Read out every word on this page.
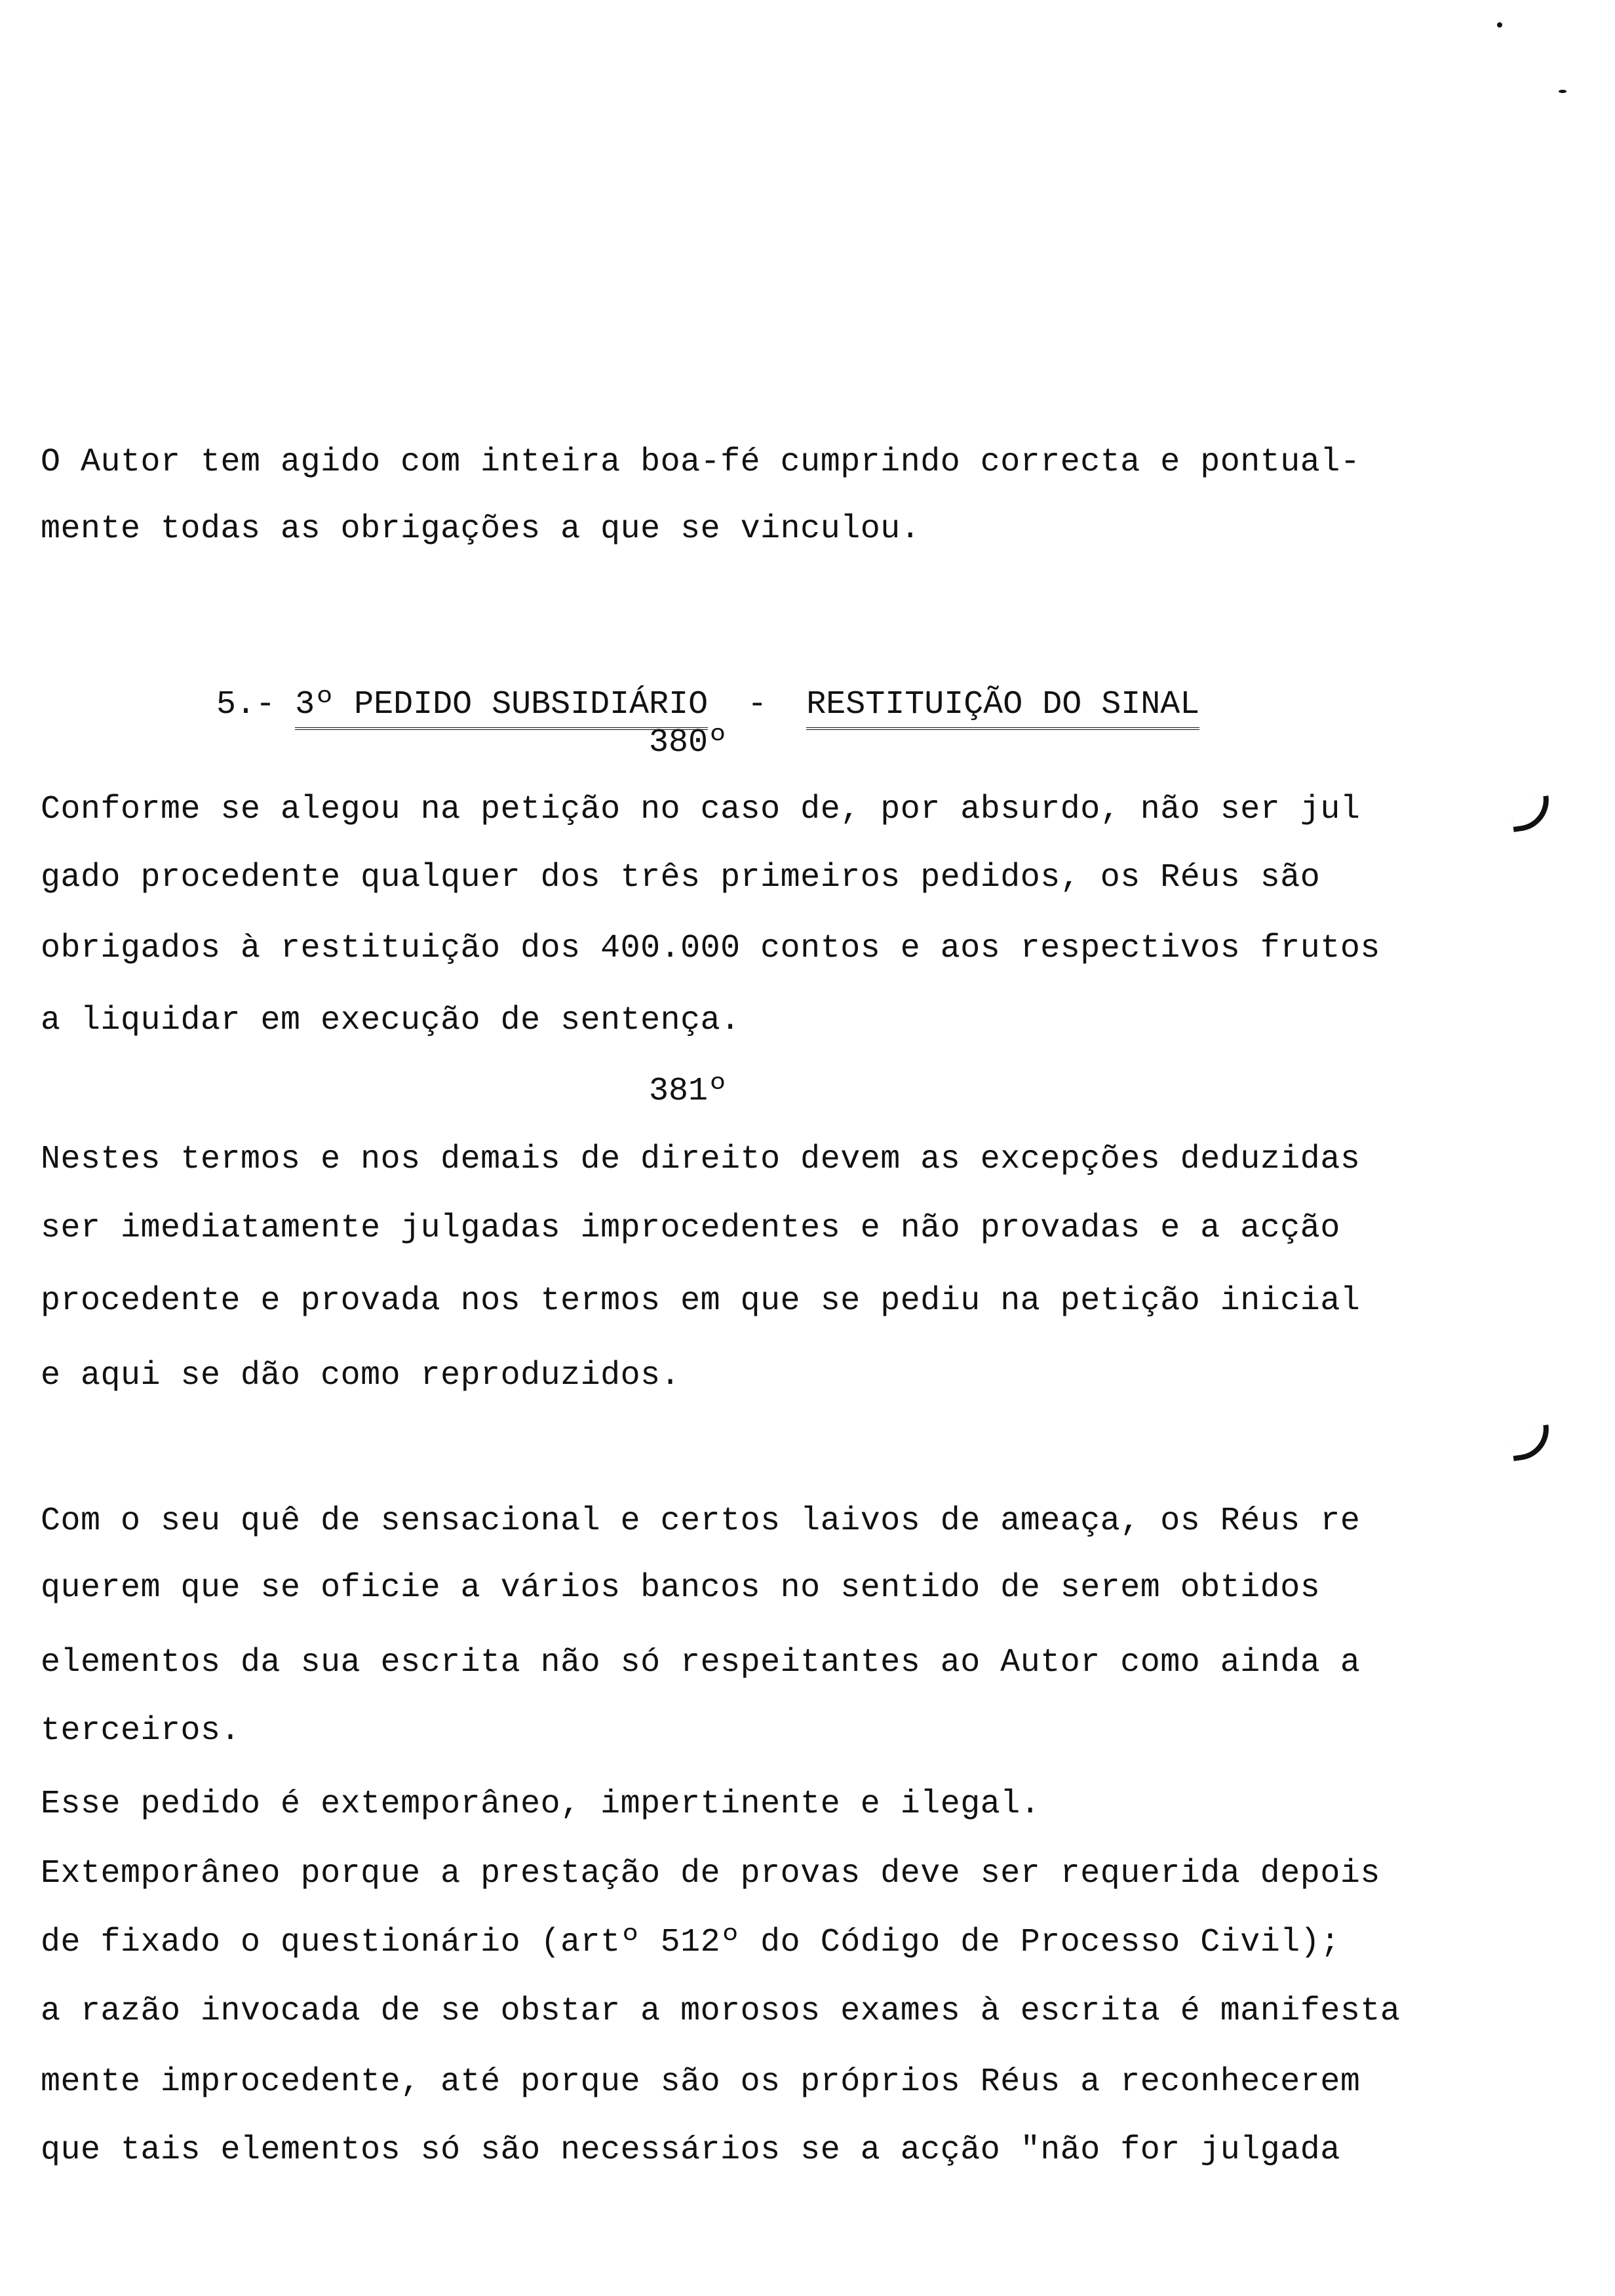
O Autor tem agido com inteira boa-fé cumprindo correcta e pontual-
mente todas as obrigações a que se vinculou.

5.- 3º PEDIDO SUBSIDIÁRIO - RESTITUIÇÃO DO SINAL

380º
Conforme se alegou na petição no caso de, por absurdo, não ser jul
gado procedente qualquer dos três primeiros pedidos, os Réus são
obrigados à restituição dos 400.000 contos e aos respectivos frutos
a liquidar em execução de sentença.
381º
Nestes termos e nos demais de direito devem as excepções deduzidas
ser imediatamente julgadas improcedentes e não provadas e a acção
procedente e provada nos termos em que se pediu na petição inicial
e aqui se dão como reproduzidos.
Com o seu quê de sensacional e certos laivos de ameaça, os Réus re
querem que se oficie a vários bancos no sentido de serem obtidos
elementos da sua escrita não só respeitantes ao Autor como ainda a
terceiros.
Esse pedido é extemporâneo, impertinente e ilegal.
Extemporâneo porque a prestação de provas deve ser requerida depois
de fixado o questionário (artº 512º do Código de Processo Civil);
a razão invocada de se obstar a morosos exames à escrita é manifesta
mente improcedente, até porque são os próprios Réus a reconhecerem
que tais elementos só são necessários se a acção "não for julgada
